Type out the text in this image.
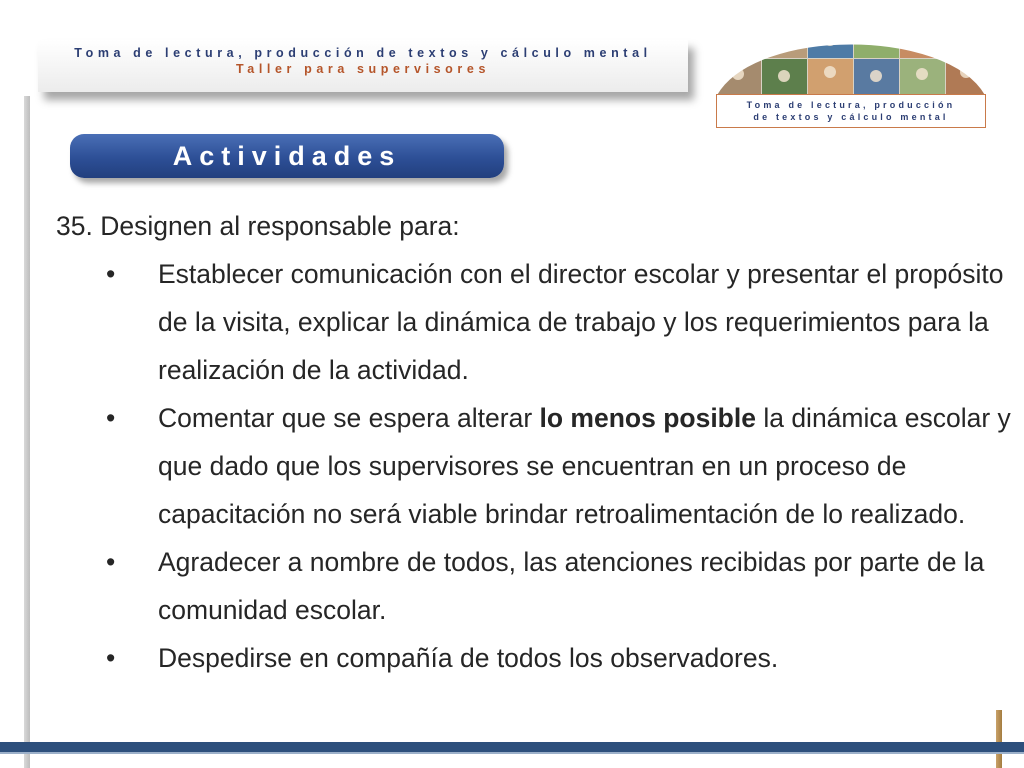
Toma de lectura, producción de textos y cálculo mental
Taller para supervisores
Toma de lectura, producción
de textos y cálculo mental
Actividades

35. Designen al responsable para:

• Establecer comunicación con el director escolar y presentar el propósito de la visita, explicar la dinámica de trabajo y los requerimientos para la realización de la actividad.
• Comentar que se espera alterar lo menos posible la dinámica escolar y que dado que los supervisores se encuentran en un proceso de capacitación no será viable brindar retroalimentación de lo realizado.
• Agradecer a nombre de todos, las atenciones recibidas por parte de la comunidad escolar.
• Despedirse en compañía de todos los observadores.
